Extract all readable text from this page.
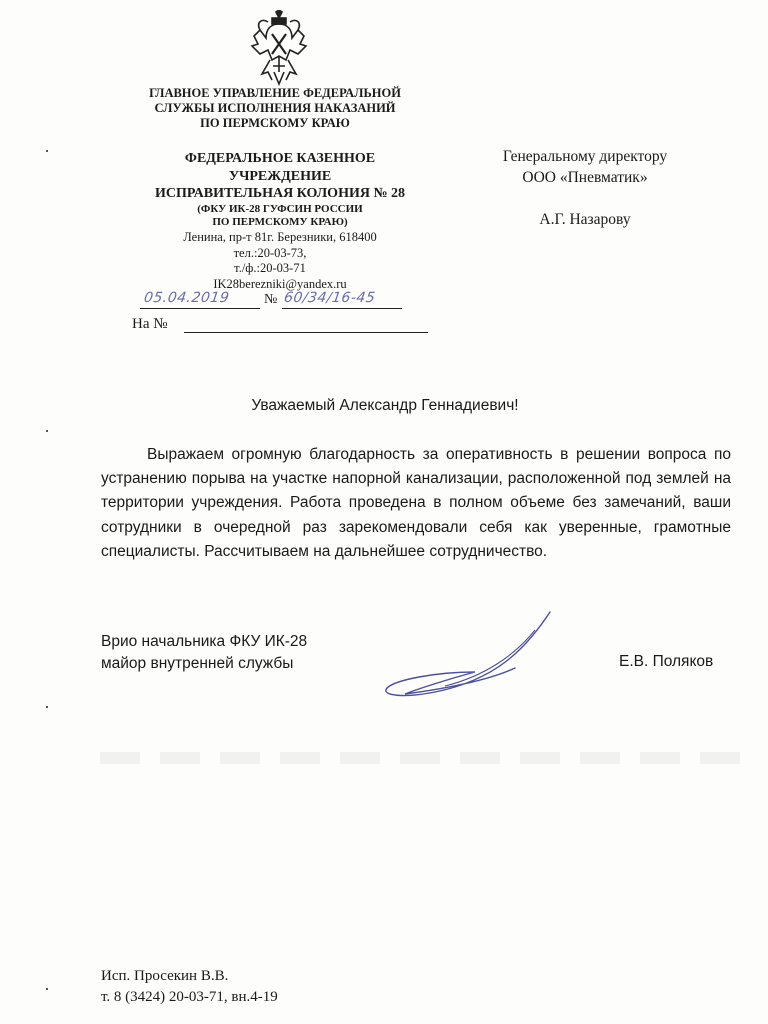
ГЛАВНОЕ УПРАВЛЕНИЕ ФЕДЕРАЛЬНОЙ
СЛУЖБЫ ИСПОЛНЕНИЯ НАКАЗАНИЙ
ПО ПЕРМСКОМУ КРАЮ
ФЕДЕРАЛЬНОЕ КАЗЕННОЕ
УЧРЕЖДЕНИЕ
ИСПРАВИТЕЛЬНАЯ КОЛОНИЯ № 28
(ФКУ ИК-28 ГУФСИН РОССИИ
ПО ПЕРМСКОМУ КРАЮ)
Ленина, пр-т 81г. Березники, 618400
тел.:20-03-73,
т./ф.:20-03-71
IK28berezniki@yandex.ru
05.04.2019 № 60/34/16-45
На №
Генеральному директору
ООО «Пневматик»
А.Г. Назарову
Уважаемый Александр Геннадиевич!
Выражаем огромную благодарность за оперативность в решении вопроса по устранению порыва на участке напорной канализации, расположенной под землей на территории учреждения. Работа проведена в полном объеме без замечаний, ваши сотрудники в очередной раз зарекомендовали себя как уверенные, грамотные специалисты. Рассчитываем на дальнейшее сотрудничество.
Врио начальника ФКУ ИК-28
майор внутренней службы	Е.В. Поляков
Исп. Просекин В.В.
т. 8 (3424) 20-03-71, вн.4-19
